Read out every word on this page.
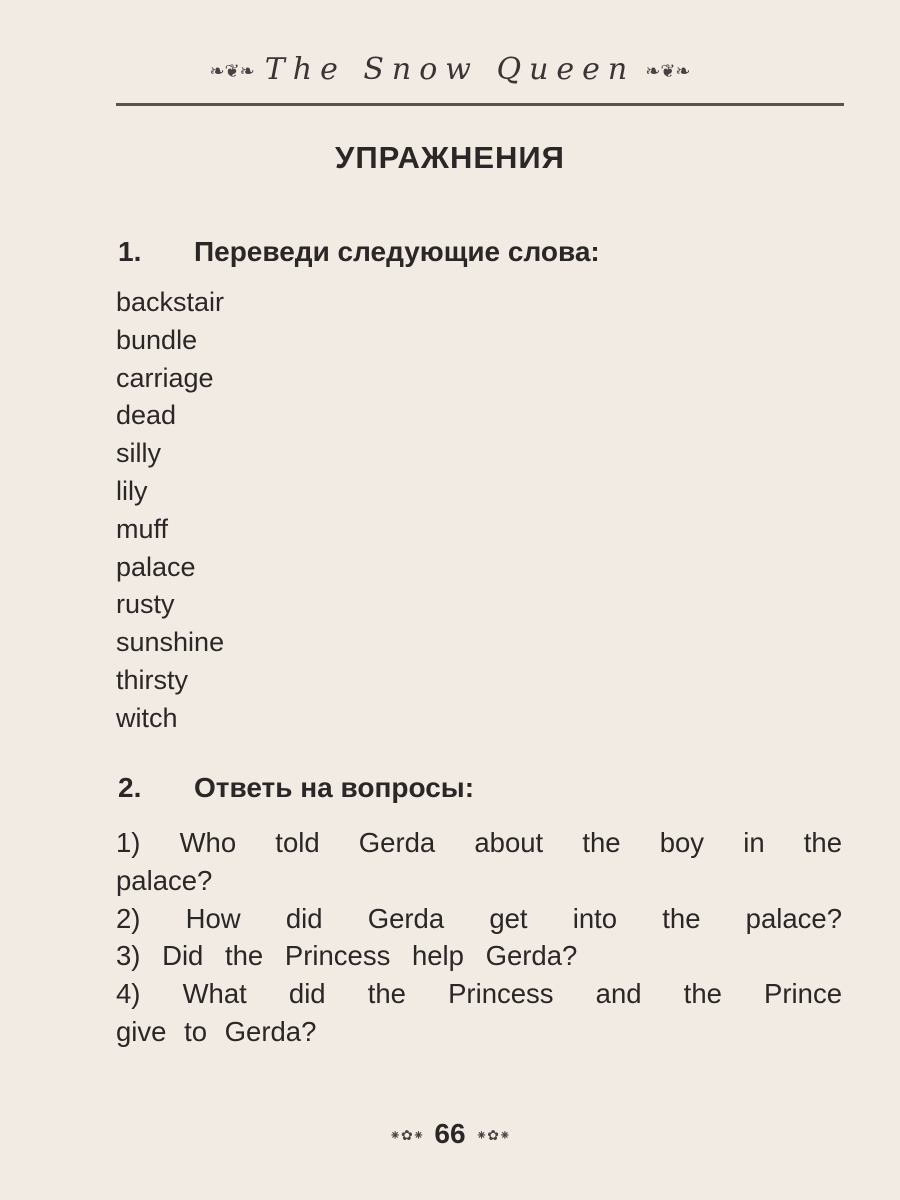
❧❦❧ The Snow Queen ❧❦❧
УПРАЖНЕНИЯ
1. Переведи следующие слова:
backstair
bundle
carriage
dead
silly
lily
muff
palace
rusty
sunshine
thirsty
witch
2. Ответь на вопросы:
1) Who told Gerda about the boy in the
palace?
2) How did Gerda get into the palace?
3) Did the Princess help Gerda?
4) What did the Princess and the Prince
give to Gerda?
⁕✿⁕ 66 ⁕✿⁕
